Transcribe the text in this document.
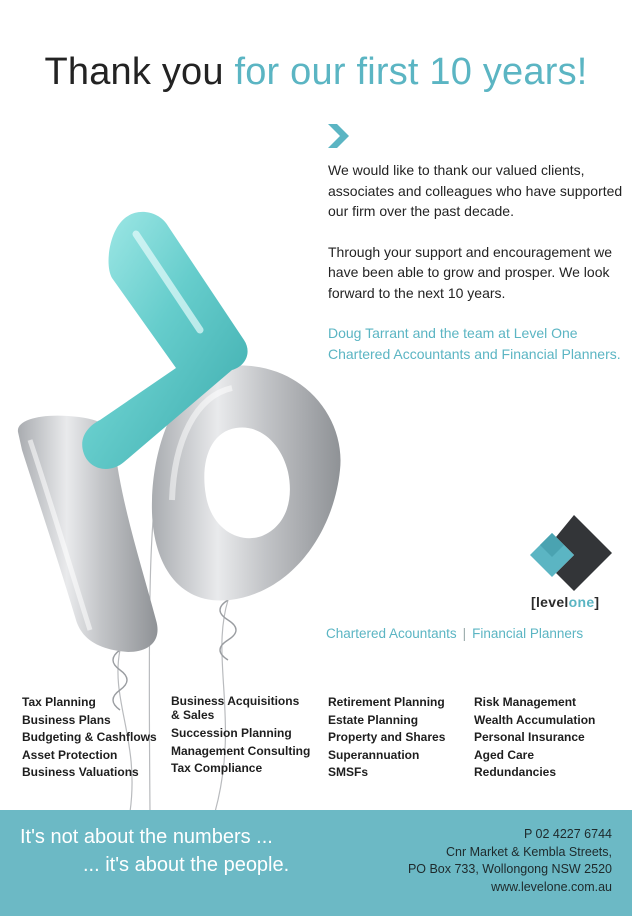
Thank you for our first 10 years!

We would like to thank our valued clients, associates and colleagues who have supported our firm over the past decade.

Through your support and encouragement we have been able to grow and prosper. We look forward to the next 10 years.

Doug Tarrant and the team at Level One Chartered Accountants and Financial Planners.

[levelone]
Chartered Acountants | Financial Planners
Tax Planning
Business Plans
Budgeting & Cashflows
Asset Protection
Business Valuations
Business Acquisitions & Sales
Succession Planning
Management Consulting
Tax Compliance
Retirement Planning
Estate Planning
Property and Shares
Superannuation
SMSFs
Risk Management
Wealth Accumulation
Personal Insurance
Aged Care
Redundancies
It's not about the numbers ...
... it's about the people.
P 02 4227 6744
Cnr Market & Kembla Streets,
PO Box 733, Wollongong NSW 2520
www.levelone.com.au
